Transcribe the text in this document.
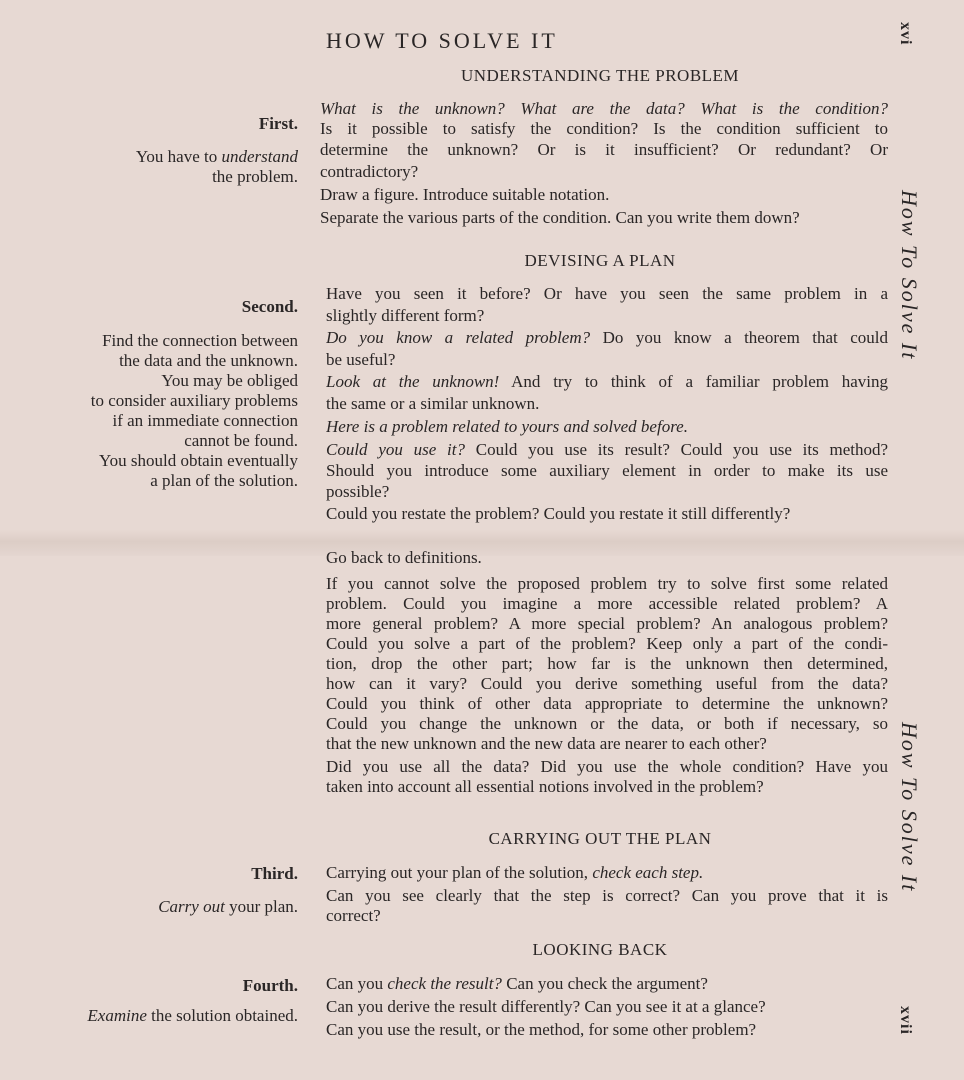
HOW TO SOLVE IT	xvi
How To Solve It
How To Solve It
xvii
UNDERSTANDING THE PROBLEM
First.
You have to understand
the problem.
What is the unknown? What are the data? What is the condition?
Is it possible to satisfy the condition? Is the condition sufficient to
determine the unknown? Or is it insufficient? Or redundant? Or
contradictory?
Draw a figure. Introduce suitable notation.
Separate the various parts of the condition. Can you write them down?
DEVISING A PLAN
Second.
Find the connection between
the data and the unknown.
You may be obliged
to consider auxiliary problems
if an immediate connection
cannot be found.
You should obtain eventually
a plan of the solution.
Have you seen it before? Or have you seen the same problem in a
slightly different form?
Do you know a related problem? Do you know a theorem that could
be useful?
Look at the unknown! And try to think of a familiar problem having
the same or a similar unknown.
Here is a problem related to yours and solved before.
Could you use it? Could you use its result? Could you use its method?
Should you introduce some auxiliary element in order to make its use
possible?
Could you restate the problem? Could you restate it still differently?
Go back to definitions.
If you cannot solve the proposed problem try to solve first some related
problem. Could you imagine a more accessible related problem? A
more general problem? A more special problem? An analogous problem?
Could you solve a part of the problem? Keep only a part of the condi-
tion, drop the other part; how far is the unknown then determined,
how can it vary? Could you derive something useful from the data?
Could you think of other data appropriate to determine the unknown?
Could you change the unknown or the data, or both if necessary, so
that the new unknown and the new data are nearer to each other?
Did you use all the data? Did you use the whole condition? Have you
taken into account all essential notions involved in the problem?
CARRYING OUT THE PLAN
Third.
Carry out your plan.
Carrying out your plan of the solution, check each step.
Can you see clearly that the step is correct? Can you prove that it is
correct?
LOOKING BACK
Fourth.
Examine the solution obtained.
Can you check the result? Can you check the argument?
Can you derive the result differently? Can you see it at a glance?
Can you use the result, or the method, for some other problem?
